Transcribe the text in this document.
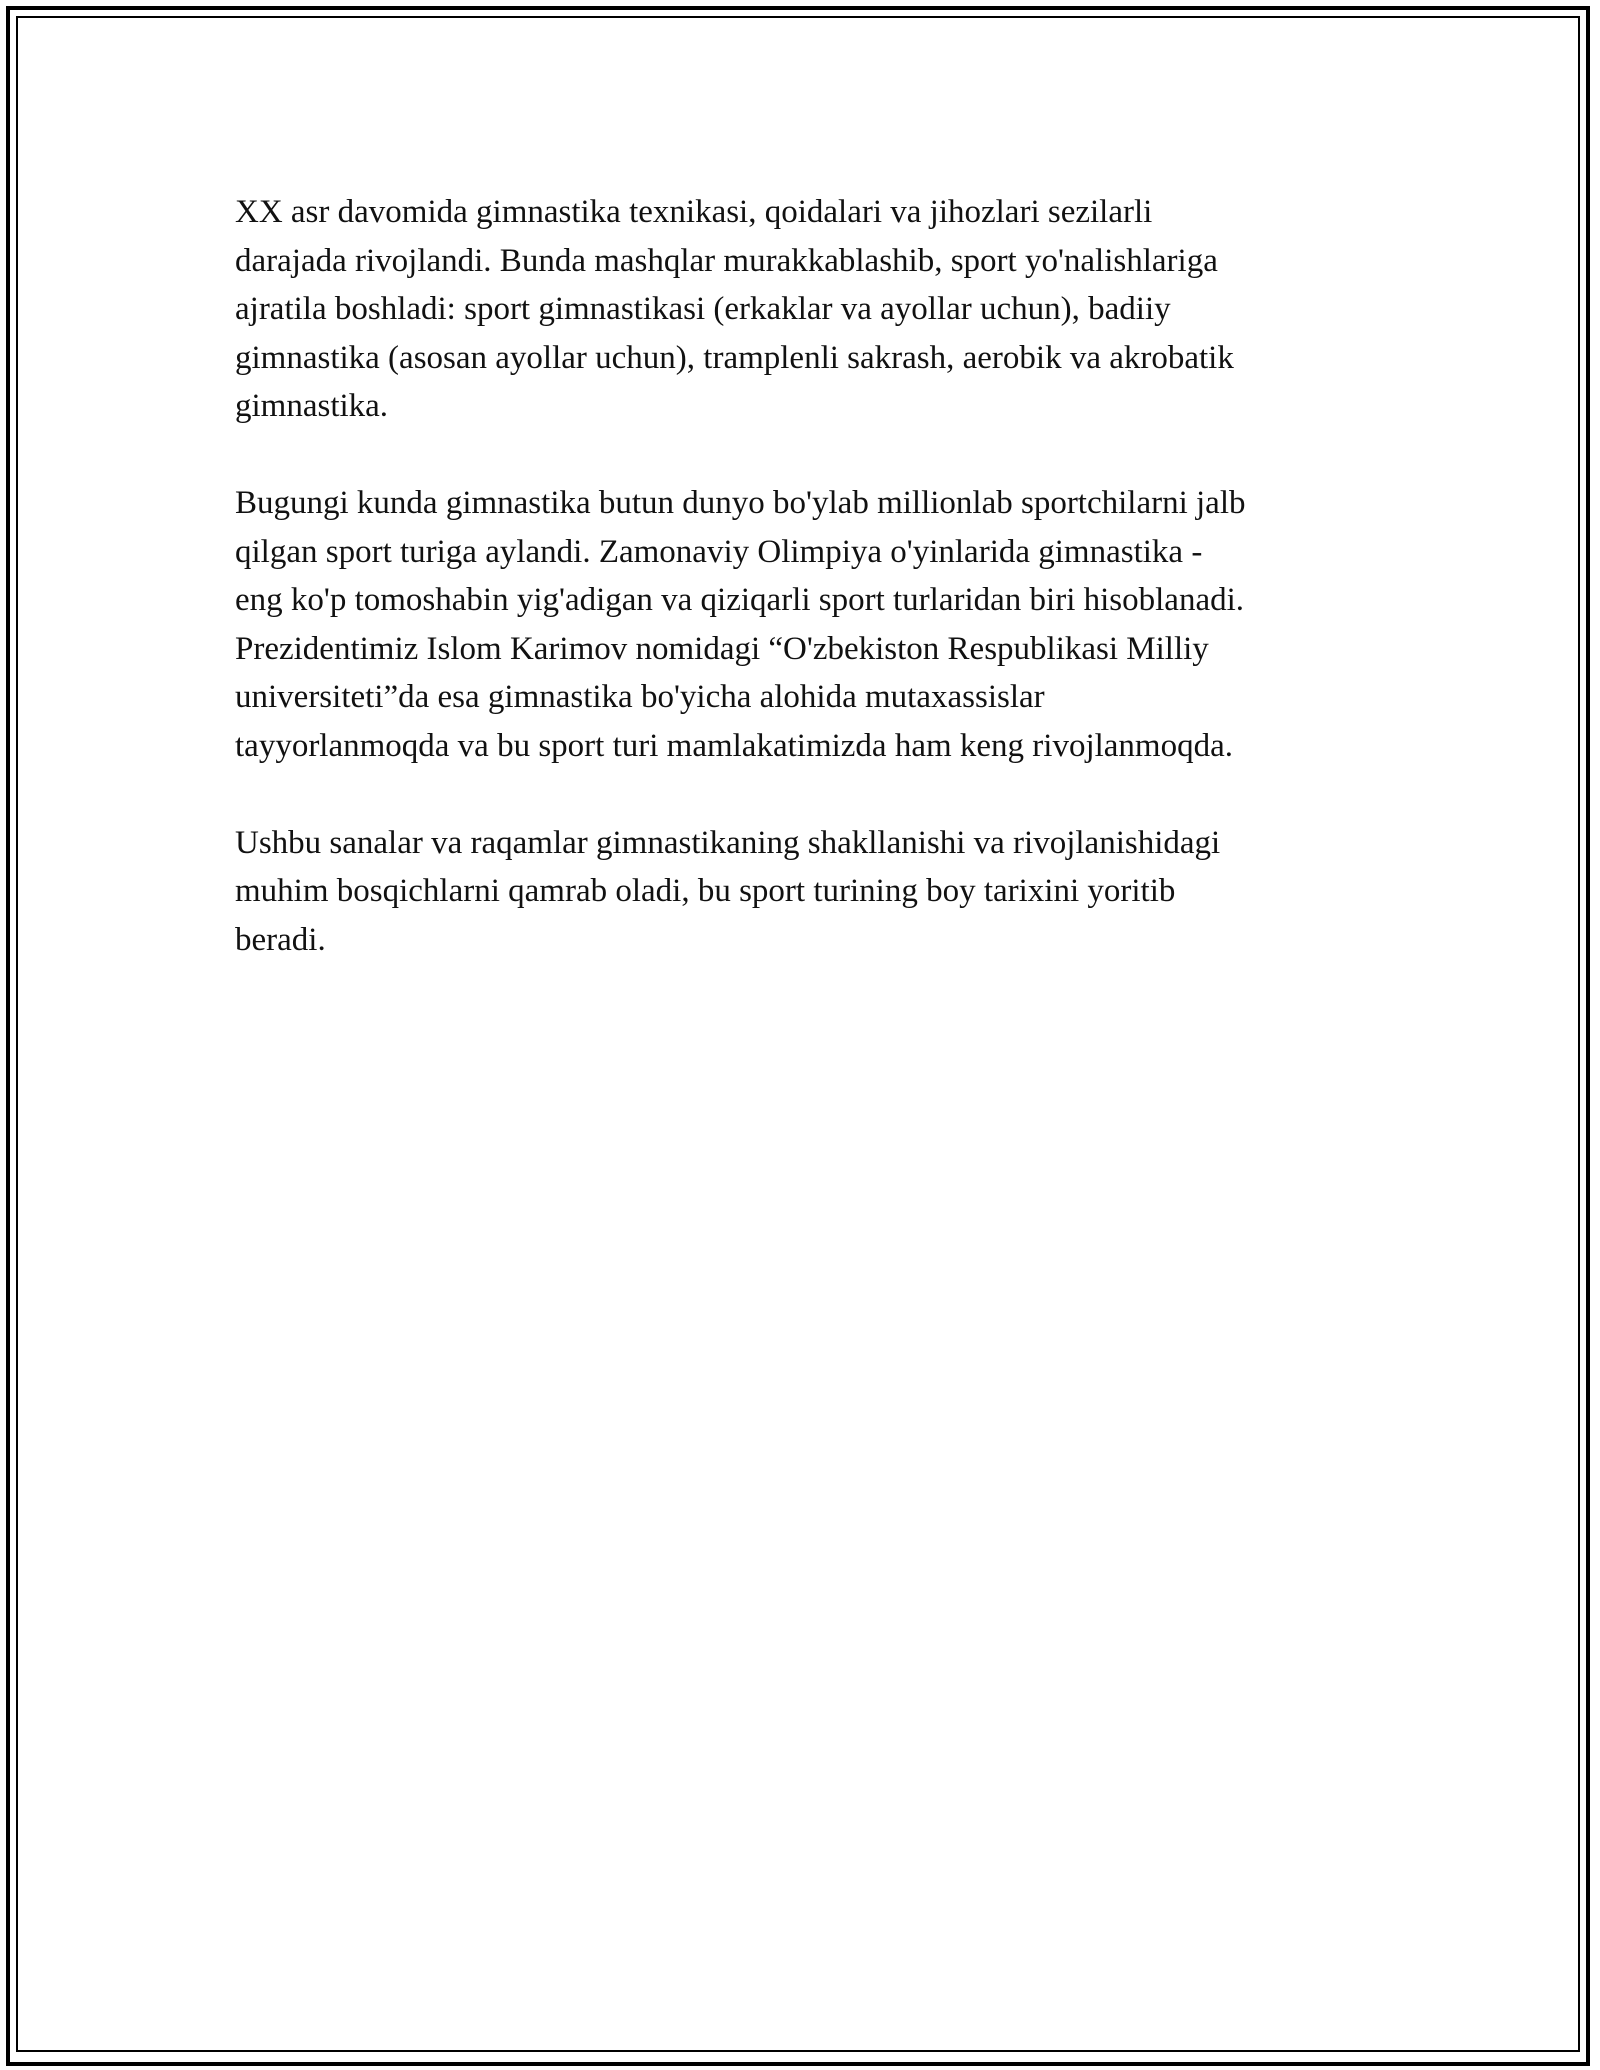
XX asr davomida gimnastika texnikasi, qoidalari va jihozlari sezilarli
darajada rivojlandi. Bunda mashqlar murakkablashib, sport yo'nalishlariga
ajratila boshladi: sport gimnastikasi (erkaklar va ayollar uchun), badiiy
gimnastika (asosan ayollar uchun), tramplenli sakrash, aerobik va akrobatik
gimnastika.

Bugungi kunda gimnastika butun dunyo bo'ylab millionlab sportchilarni jalb
qilgan sport turiga aylandi. Zamonaviy Olimpiya o'yinlarida gimnastika -
eng ko'p tomoshabin yig'adigan va qiziqarli sport turlaridan biri hisoblanadi.
Prezidentimiz Islom Karimov nomidagi “O'zbekiston Respublikasi Milliy
universiteti”da esa gimnastika bo'yicha alohida mutaxassislar
tayyorlanmoqda va bu sport turi mamlakatimizda ham keng rivojlanmoqda.

Ushbu sanalar va raqamlar gimnastikaning shakllanishi va rivojlanishidagi
muhim bosqichlarni qamrab oladi, bu sport turining boy tarixini yoritib
beradi.
